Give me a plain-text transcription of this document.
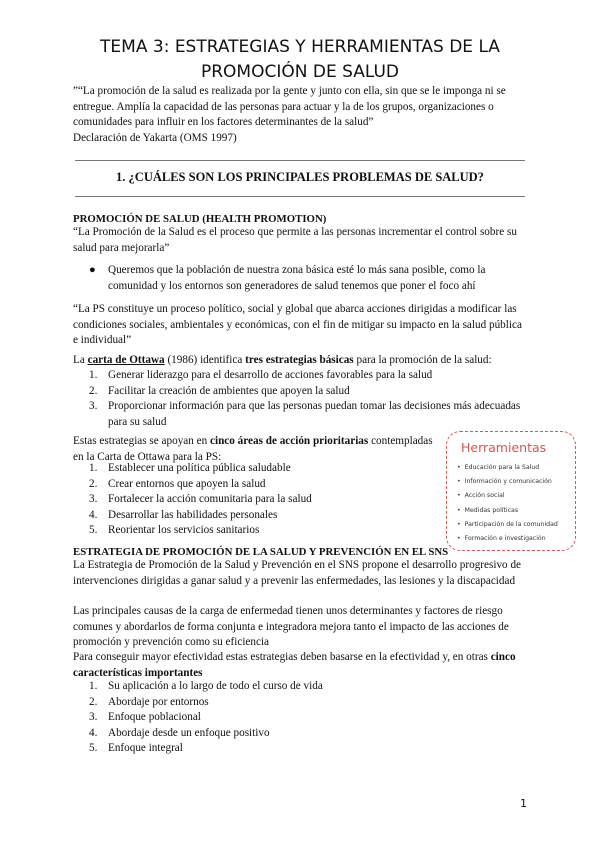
TEMA 3: ESTRATEGIAS Y HERRAMIENTAS DE LA PROMOCIÓN DE SALUD
”“La promoción de la salud es realizada por la gente y junto con ella, sin que se le imponga ni se entregue. Amplía la capacidad de las personas para actuar y la de los grupos, organizaciones o comunidades para influir en los factores determinantes de la salud”
Declaración de Yakarta (OMS 1997)
1. ¿CUÁLES SON LOS PRINCIPALES PROBLEMAS DE SALUD?
PROMOCIÓN DE SALUD (HEALTH PROMOTION)
“La Promoción de la Salud es el proceso que permite a las personas incrementar el control sobre su salud para mejorarla”
● Queremos que la población de nuestra zona básica esté lo más sana posible, como la comunidad y los entornos son generadores de salud tenemos que poner el foco ahí
“La PS constituye un proceso político, social y global que abarca acciones dirigidas a modificar las condiciones sociales, ambientales y económicas, con el fin de mitigar su impacto en la salud pública e individual”
La carta de Ottawa (1986) identifica tres estrategias básicas para la promoción de la salud:
1. Generar liderazgo para el desarrollo de acciones favorables para la salud
2. Facilitar la creación de ambientes que apoyen la salud
3. Proporcionar información para que las personas puedan tomar las decisiones más adecuadas para su salud
Estas estrategias se apoyan en cinco áreas de acción prioritarias contempladas en la Carta de Ottawa para la PS:
1. Establecer una política pública saludable
2. Crear entornos que apoyen la salud
3. Fortalecer la acción comunitaria para la salud
4. Desarrollar las habilidades personales
5. Reorientar los servicios sanitarios
Herramientas
• Educación para la Salud
• Información y comunicación
• Acción social
• Medidas políticas
• Participación de la comunidad
• Formación e investigación
ESTRATEGIA DE PROMOCIÓN DE LA SALUD Y PREVENCIÓN EN EL SNS
La Estrategia de Promoción de la Salud y Prevención en el SNS propone el desarrollo progresivo de intervenciones dirigidas a ganar salud y a prevenir las enfermedades, las lesiones y la discapacidad
Las principales causas de la carga de enfermedad tienen unos determinantes y factores de riesgo comunes y abordarlos de forma conjunta e integradora mejora tanto el impacto de las acciones de promoción y prevención como su eficiencia
Para conseguir mayor efectividad estas estrategias deben basarse en la efectividad y, en otras cinco características importantes
1. Su aplicación a lo largo de todo el curso de vida
2. Abordaje por entornos
3. Enfoque poblacional
4. Abordaje desde un enfoque positivo
5. Enfoque integral
1
